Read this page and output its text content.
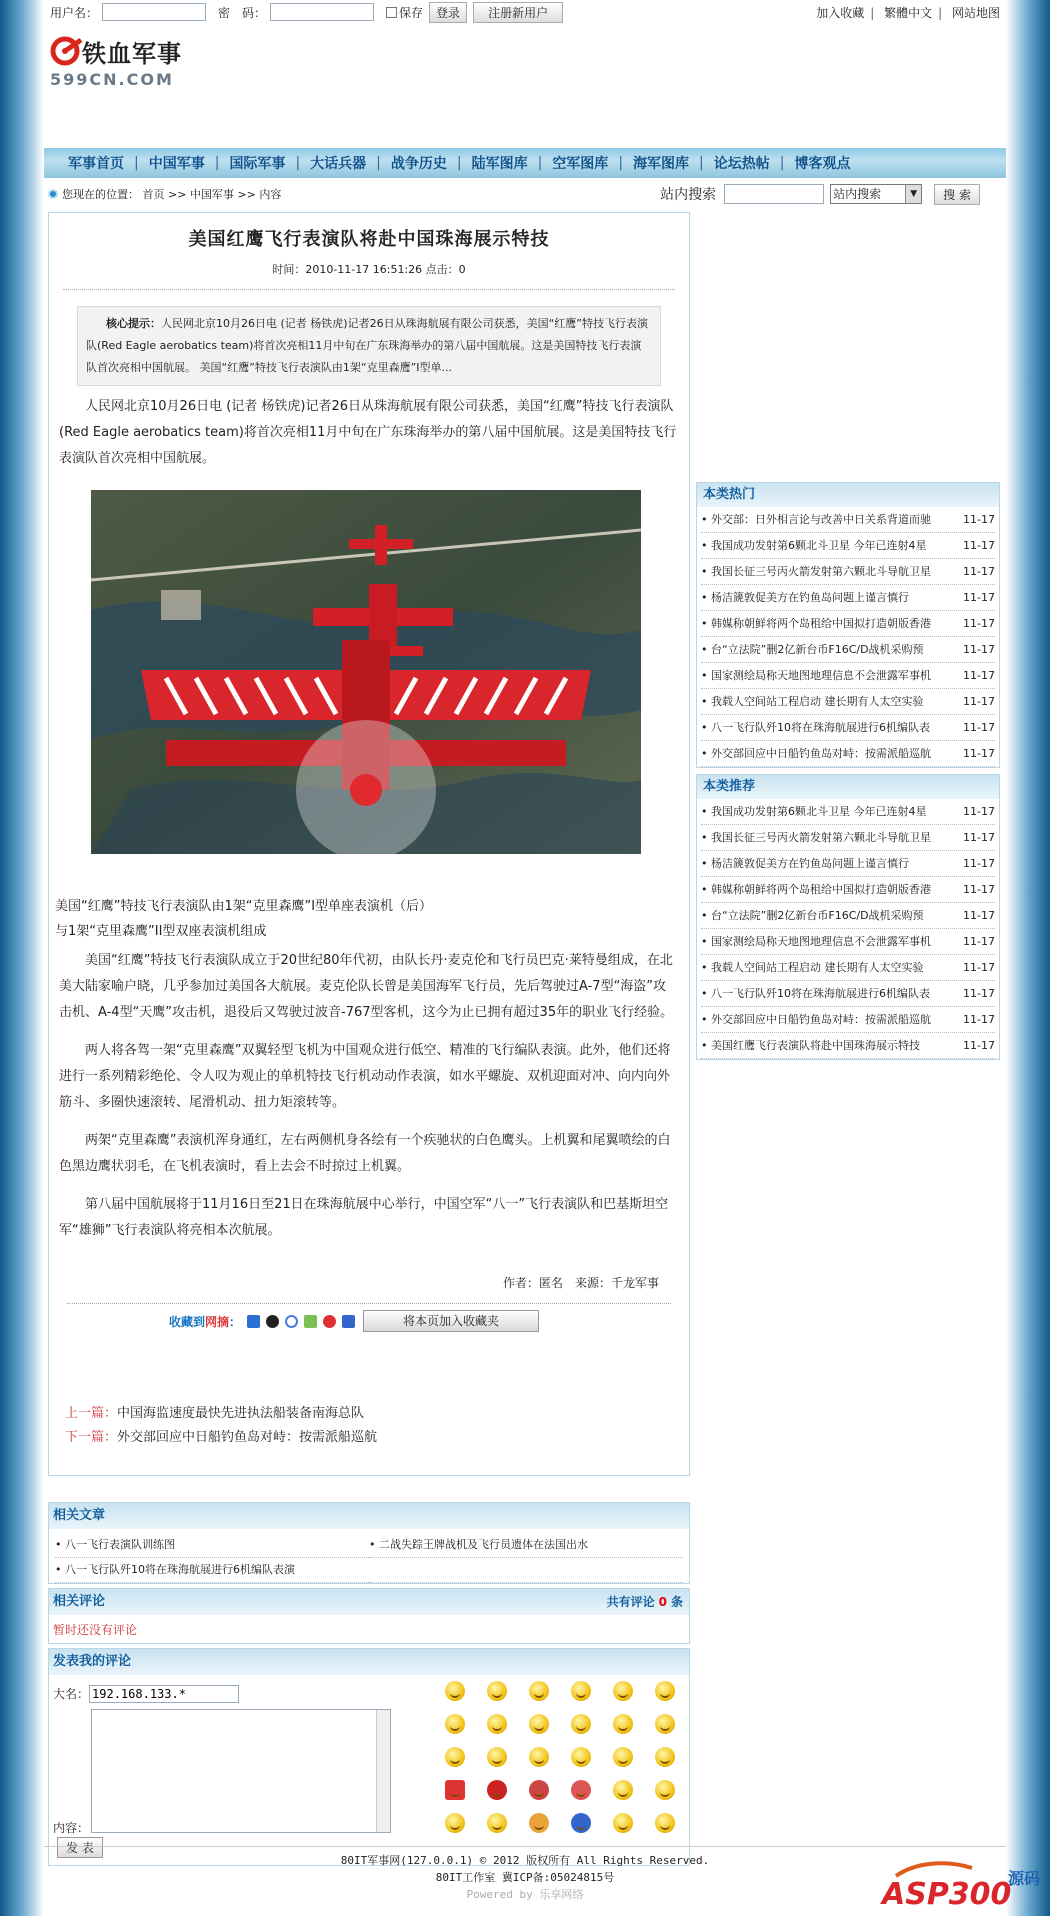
用户名：	密　码：	保存	登录	注册新用户	加入收藏 | 繁體中文 | 网站地图
铁血军事
599CN.COM
军事首页 | 中国军事 | 国际军事 | 大话兵器 | 战争历史 | 陆军图库 | 空军图库 | 海军图库 | 论坛热帖 | 博客观点
您现在的位置： 首页 >> 中国军事 >> 内容	站内搜索	站内搜索	▼	搜 索
美国红鹰飞行表演队将赴中国珠海展示特技
时间：2010-11-17 16:51:26 点击：0
核心提示：人民网北京10月26日电 (记者 杨铁虎)记者26日从珠海航展有限公司获悉，美国“红鹰”特技飞行表演队(Red Eagle aerobatics team)将首次亮相11月中旬在广东珠海举办的第八届中国航展。这是美国特技飞行表演队首次亮相中国航展。 美国“红鹰”特技飞行表演队由1架“克里森鹰”I型单...

人民网北京10月26日电 (记者 杨铁虎)记者26日从珠海航展有限公司获悉，美国“红鹰”特技飞行表演队(Red Eagle aerobatics team)将首次亮相11月中旬在广东珠海举办的第八届中国航展。这是美国特技飞行表演队首次亮相中国航展。

美国“红鹰”特技飞行表演队由1架“克里森鹰”I型单座表演机（后）
与1架“克里森鹰”II型双座表演机组成

美国“红鹰”特技飞行表演队成立于20世纪80年代初，由队长丹·麦克伦和飞行员巴克·莱特曼组成，在北美大陆家喻户晓，几乎参加过美国各大航展。麦克伦队长曾是美国海军飞行员，先后驾驶过A-7型“海盗”攻击机、A-4型“天鹰”攻击机，退役后又驾驶过波音-767型客机，这今为止已拥有超过35年的职业飞行经验。

两人将各驾一架“克里森鹰”双翼轻型飞机为中国观众进行低空、精准的飞行编队表演。此外，他们还将进行一系列精彩绝伦、令人叹为观止的单机特技飞行机动动作表演，如水平螺旋、双机迎面对冲、向内向外筋斗、多圈快速滚转、尾滑机动、扭力矩滚转等。

两架“克里森鹰”表演机浑身通红，左右两侧机身各绘有一个疾驰状的白色鹰头。上机翼和尾翼喷绘的白色黑边鹰状羽毛，在飞机表演时，看上去会不时掠过上机翼。

第八届中国航展将于11月16日至21日在珠海航展中心举行，中国空军“八一”飞行表演队和巴基斯坦空军“雄狮”飞行表演队将亮相本次航展。

作者：匿名　来源：千龙军事
收藏到网摘：	将本页加入收藏夹
上一篇：中国海监速度最快先进执法船装备南海总队
下一篇：外交部回应中日船钓鱼岛对峙：按需派船巡航
相关文章
• 八一飞行表演队训练图	• 二战失踪王牌战机及飞行员遗体在法国出水
• 八一飞行队歼10将在珠海航展进行6机编队表演
相关评论	共有评论 0 条
暂时还没有评论
发表我的评论
大名：192.168.133.*
内容：
发 表
本类热门
• 外交部：日外相言论与改善中日关系背道而驰	11-17
• 我国成功发射第6颗北斗卫星 今年已连射4星	11-17
• 我国长征三号丙火箭发射第六颗北斗导航卫星	11-17
• 杨洁篪敦促美方在钓鱼岛问题上谨言慎行	11-17
• 韩媒称朝鲜将两个岛租给中国拟打造朝版香港	11-17
• 台“立法院”删2亿新台币F16C/D战机采购预	11-17
• 国家测绘局称天地图地理信息不会泄露军事机	11-17
• 我载人空间站工程启动 建长期有人太空实验	11-17
• 八一飞行队歼10将在珠海航展进行6机编队表	11-17
• 外交部回应中日船钓鱼岛对峙：按需派船巡航	11-17
本类推荐
• 我国成功发射第6颗北斗卫星 今年已连射4星	11-17
• 我国长征三号丙火箭发射第六颗北斗导航卫星	11-17
• 杨洁篪敦促美方在钓鱼岛问题上谨言慎行	11-17
• 韩媒称朝鲜将两个岛租给中国拟打造朝版香港	11-17
• 台“立法院”删2亿新台币F16C/D战机采购预	11-17
• 国家测绘局称天地图地理信息不会泄露军事机	11-17
• 我载人空间站工程启动 建长期有人太空实验	11-17
• 八一飞行队歼10将在珠海航展进行6机编队表	11-17
• 外交部回应中日船钓鱼岛对峙：按需派船巡航	11-17
• 美国红鹰飞行表演队将赴中国珠海展示特技	11-17
80IT军事网(127.0.0.1) © 2012 版权所有 All Rights Reserved.
80IT工作室 冀ICP备:05024815号
Powered by 乐享网络	ASP300
源码
